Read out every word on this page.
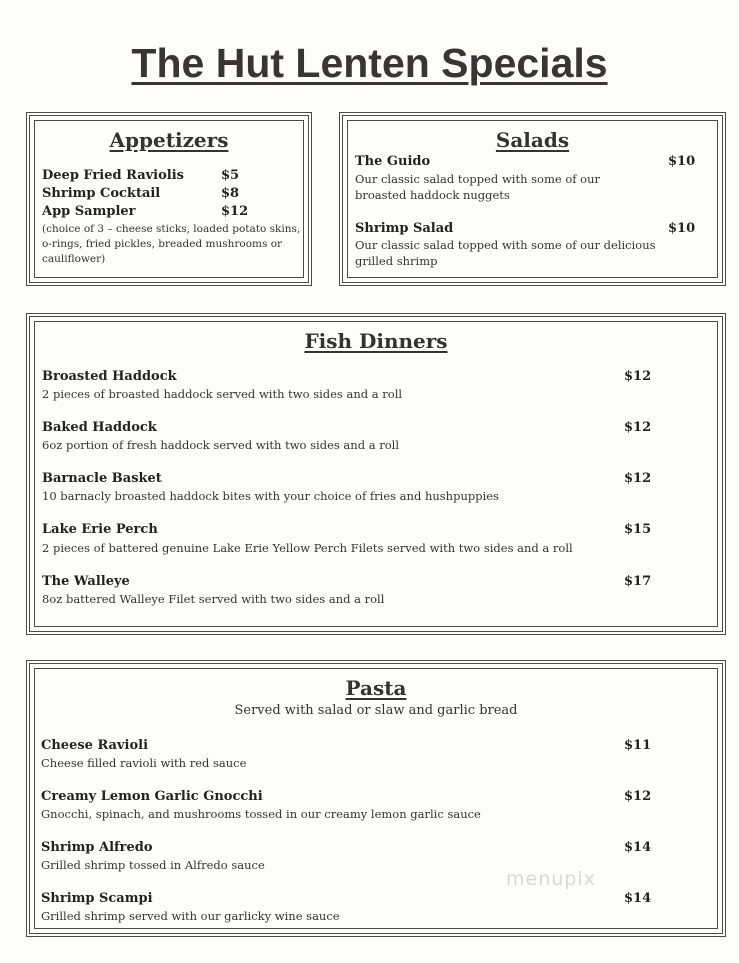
The Hut Lenten Specials
Appetizers
Deep Fried Raviolis	$5
Shrimp Cocktail	$8
App Sampler	$12
(choice of 3 – cheese sticks, loaded potato skins,
o-rings, fried pickles, breaded mushrooms or
cauliflower)
Salads
The Guido	$10
Our classic salad topped with some of our
broasted haddock nuggets
Shrimp Salad	$10
Our classic salad topped with some of our delicious
grilled shrimp
Fish Dinners
Broasted Haddock	$12
2 pieces of broasted haddock served with two sides and a roll
Baked Haddock	$12
6oz portion of fresh haddock served with two sides and a roll
Barnacle Basket	$12
10 barnacly broasted haddock bites with your choice of fries and hushpuppies
Lake Erie Perch	$15
2 pieces of battered genuine Lake Erie Yellow Perch Filets served with two sides and a roll
The Walleye	$17
8oz battered Walleye Filet served with two sides and a roll
Pasta
Served with salad or slaw and garlic bread
Cheese Ravioli	$11
Cheese filled ravioli with red sauce
Creamy Lemon Garlic Gnocchi	$12
Gnocchi, spinach, and mushrooms tossed in our creamy lemon garlic sauce
Shrimp Alfredo	$14
Grilled shrimp tossed in Alfredo sauce
Shrimp Scampi	$14
Grilled shrimp served with our garlicky wine sauce
menupix
